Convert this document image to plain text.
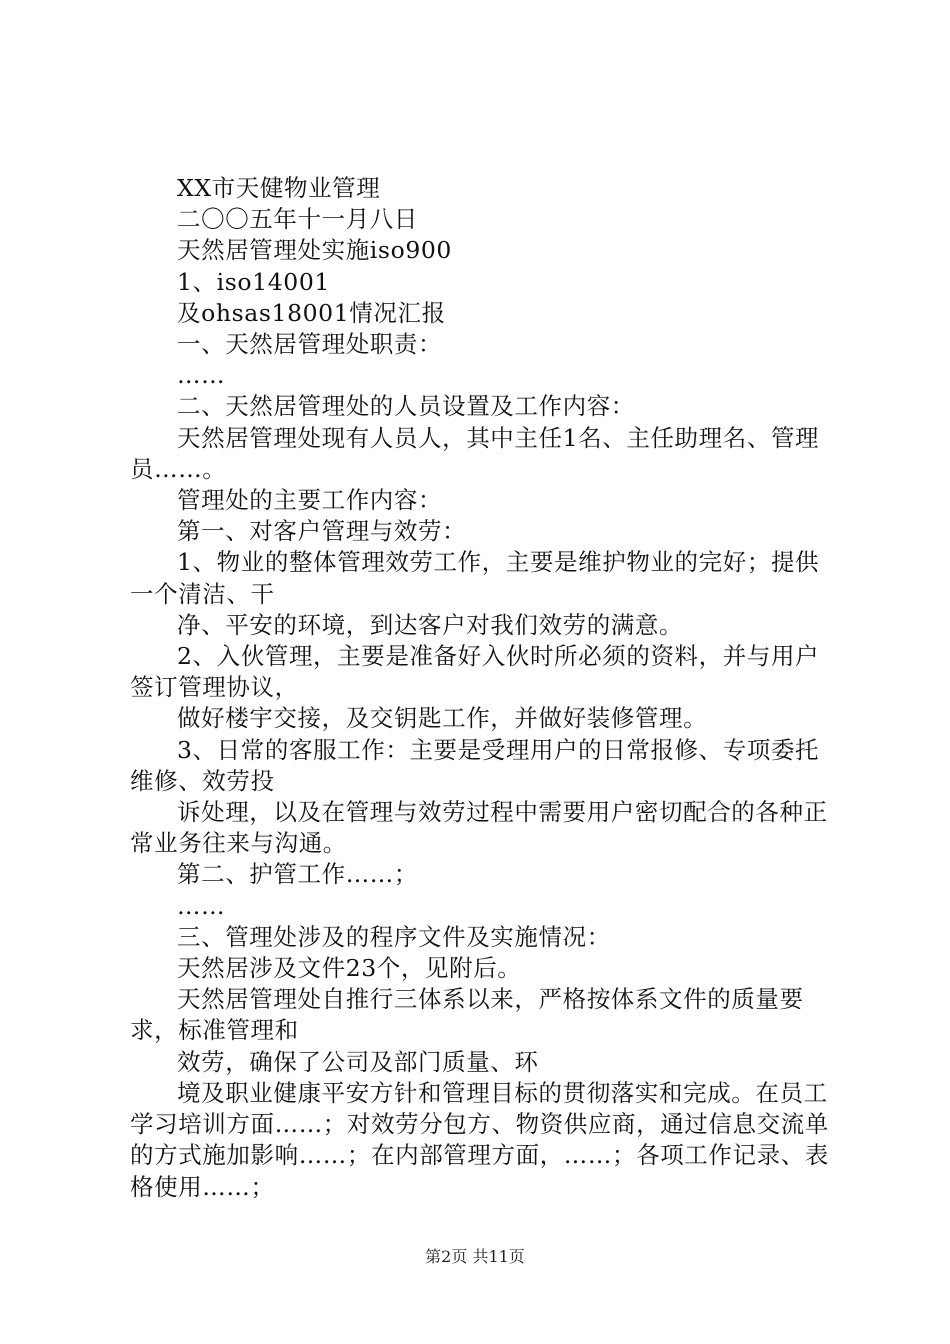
XX市天健物业管理

二〇〇五年十一月八日

天然居管理处实施iso900

1、iso14001

及ohsas18001情况汇报

一、天然居管理处职责：

……

二、天然居管理处的人员设置及工作内容：

天然居管理处现有人员人，其中主任1名、主任助理名、管理员……。

管理处的主要工作内容：

第一、对客户管理与效劳：

1、物业的整体管理效劳工作，主要是维护物业的完好；提供一个清洁、干

净、平安的环境，到达客户对我们效劳的满意。

2、入伙管理，主要是准备好入伙时所必须的资料，并与用户签订管理协议，

做好楼宇交接，及交钥匙工作，并做好装修管理。

3、日常的客服工作：主要是受理用户的日常报修、专项委托维修、效劳投

诉处理，以及在管理与效劳过程中需要用户密切配合的各种正常业务往来与沟通。

第二、护管工作……；

……

三、管理处涉及的程序文件及实施情况：

天然居涉及文件23个，见附后。

天然居管理处自推行三体系以来，严格按体系文件的质量要求，标准管理和

效劳，确保了公司及部门质量、环

境及职业健康平安方针和管理目标的贯彻落实和完成。在员工学习培训方面……；对效劳分包方、物资供应商，通过信息交流单的方式施加影响……；在内部管理方面，……；各项工作记录、表格使用……；

第2页 共11页
